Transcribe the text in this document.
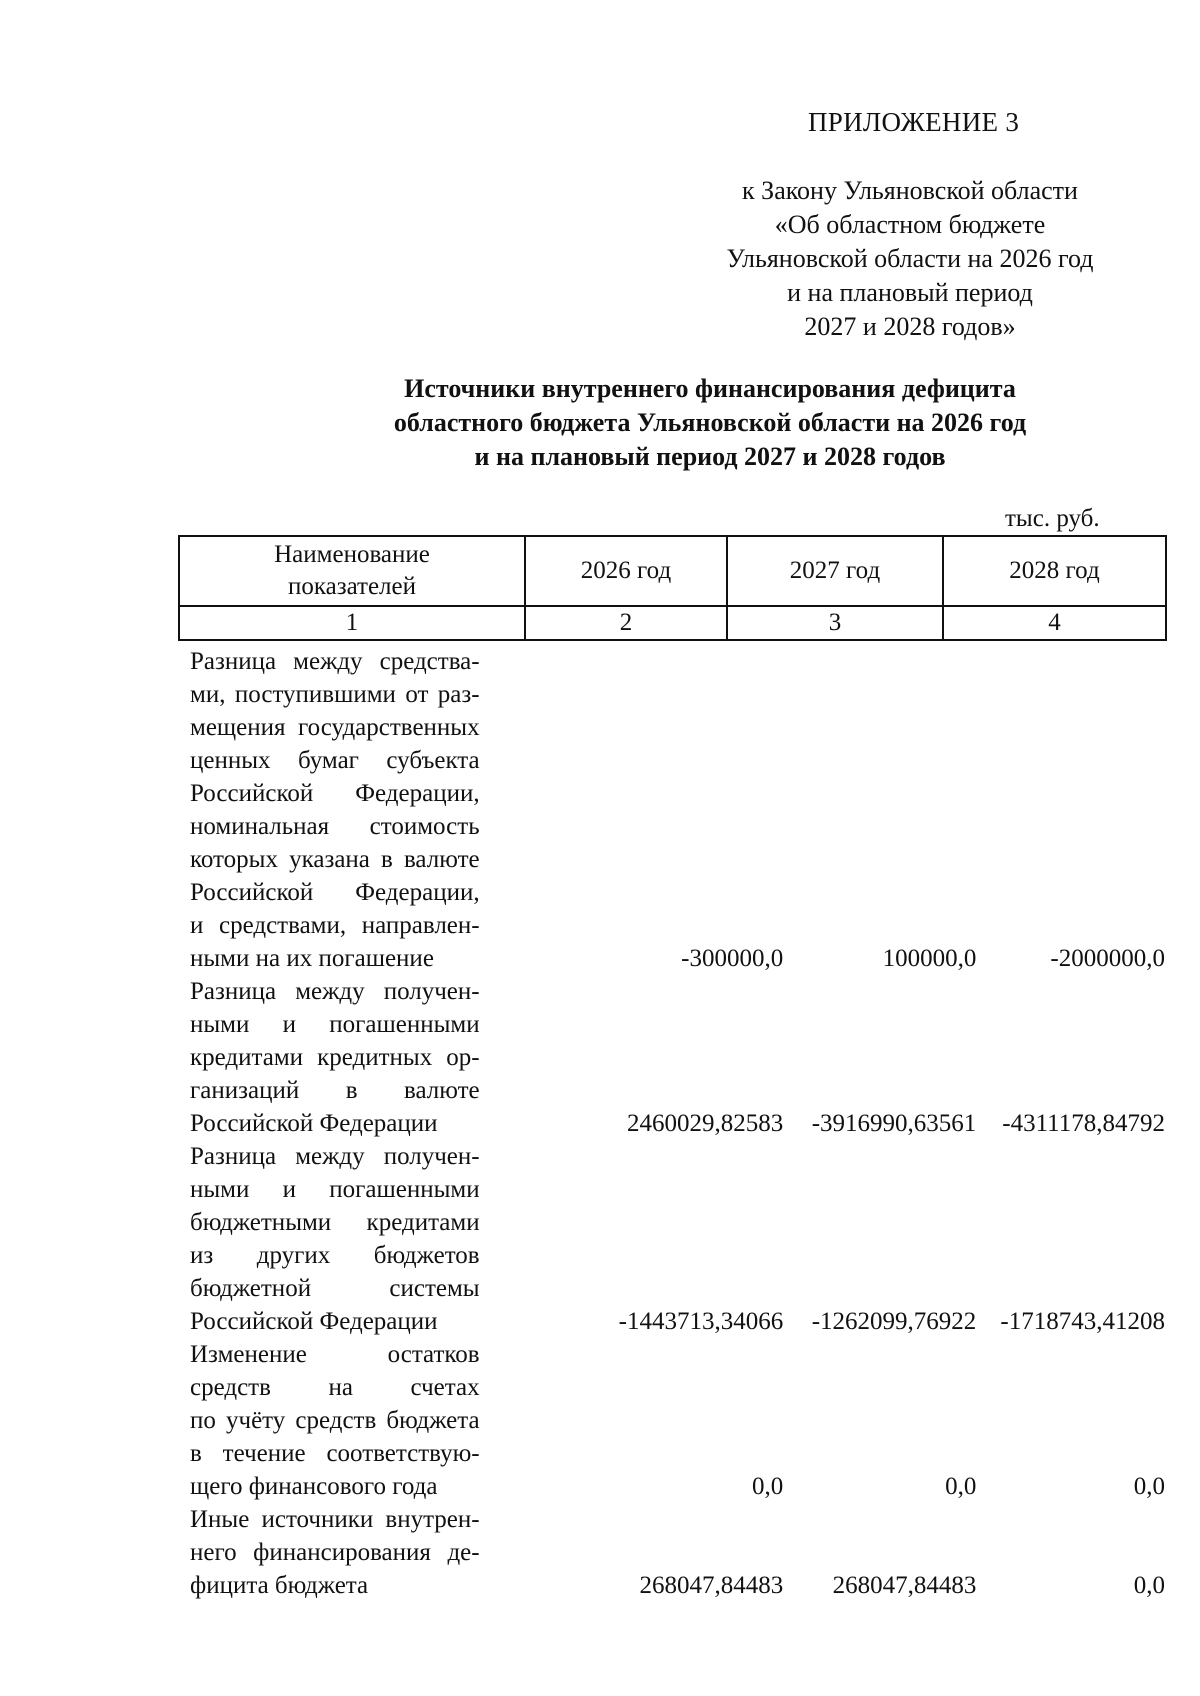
ПРИЛОЖЕНИЕ 3
к Закону Ульяновской области
«Об областном бюджете
Ульяновской области на 2026 год
и на плановый период
2027 и 2028 годов»
Источники внутреннего финансирования дефицита
областного бюджета Ульяновской области на 2026 год
и на плановый период 2027 и 2028 годов
тыс. руб.
Наименование
показателей	2026 год	2027 год	2028 год
1	2	3	4
Разница между средства-
ми, поступившими от раз-
мещения государственных
ценных бумаг субъекта
Российской Федерации,
номинальная стоимость
которых указана в валюте
Российской Федерации,
и средствами, направлен-
ными на их погашение	-300000,0	100000,0	-2000000,0
Разница между получен-
ными и погашенными
кредитами кредитных ор-
ганизаций в валюте
Российской Федерации	2460029,82583	-3916990,63561	-4311178,84792
Разница между получен-
ными и погашенными
бюджетными кредитами
из других бюджетов
бюджетной системы
Российской Федерации	-1443713,34066	-1262099,76922 -1718743,41208
Изменение остатков
средств на счетах
по учёту средств бюджета
в течение соответствую-
щего финансового года	0,0	0,0	0,0
Иные источники внутрен-
него финансирования де-
фицита бюджета	268047,84483	268047,84483	0,0
